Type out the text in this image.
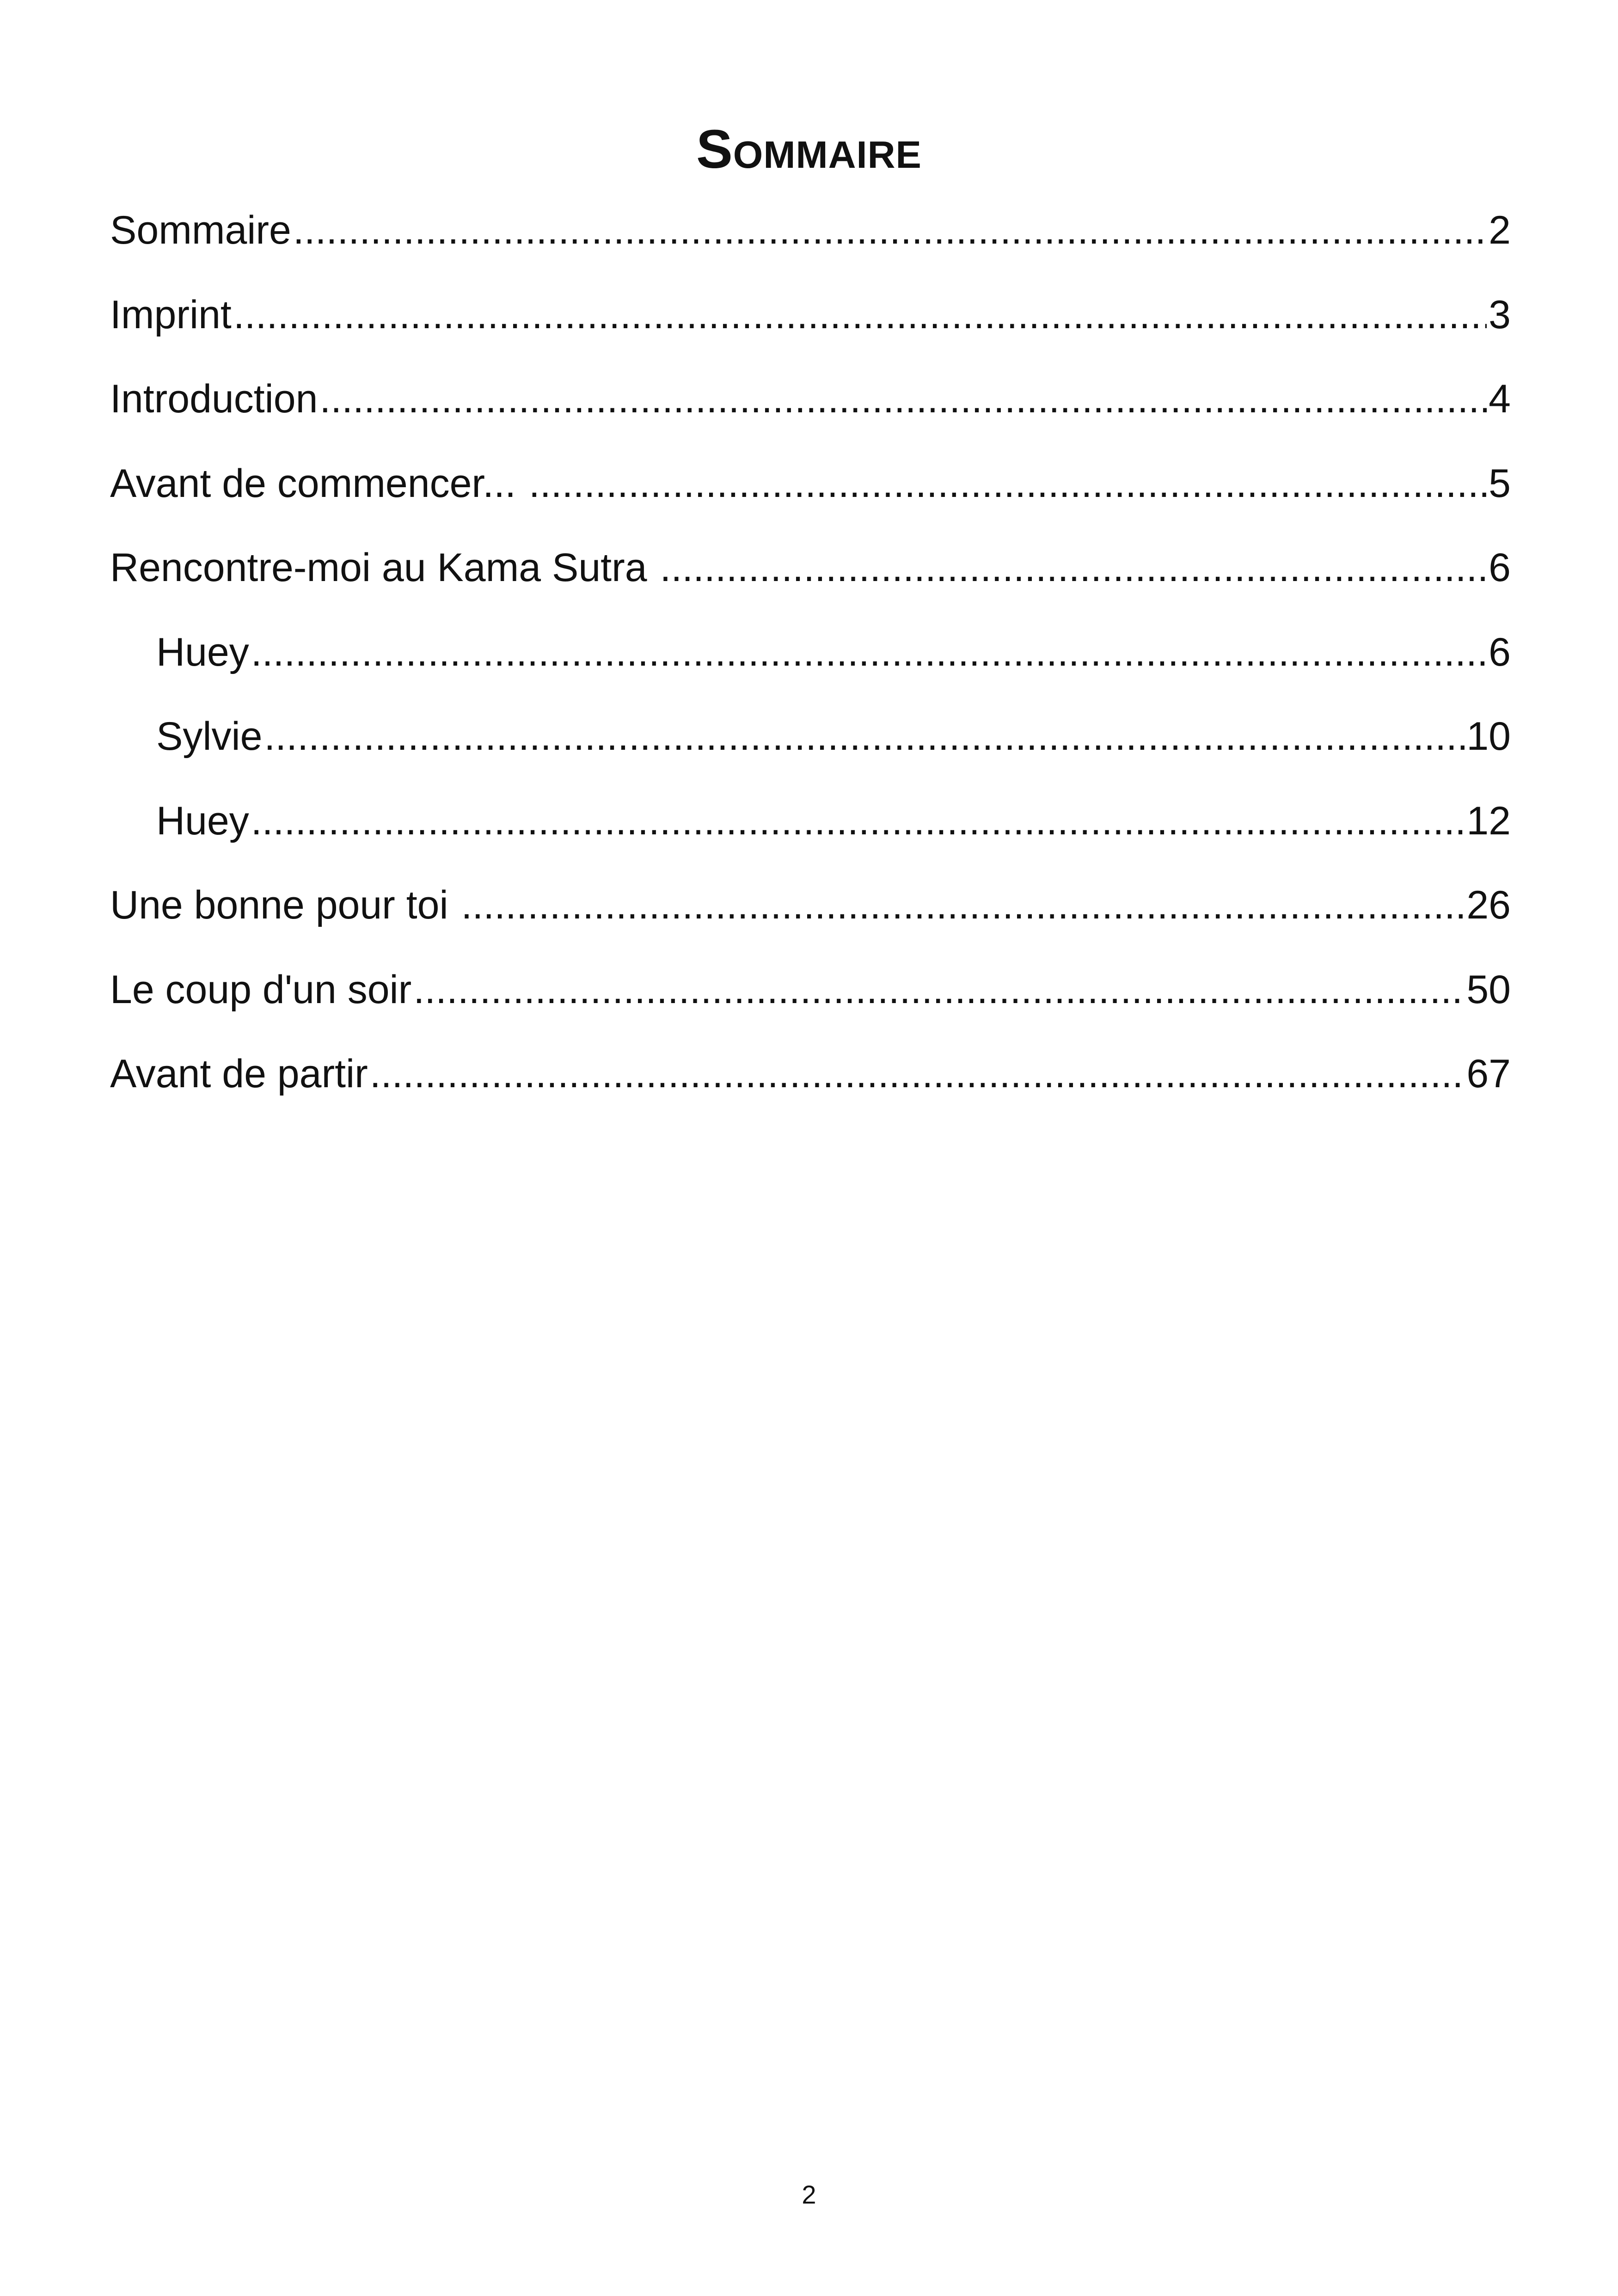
Sommaire
Sommaire .....	2
Imprint .....	3
Introduction .....	4
Avant de commencer... .....	5
Rencontre-moi au Kama Sutra .....	6
Huey .....	6
Sylvie .....	10
Huey .....	12
Une bonne pour toi .....	26
Le coup d'un soir .....	50
Avant de partir .....	67
2
